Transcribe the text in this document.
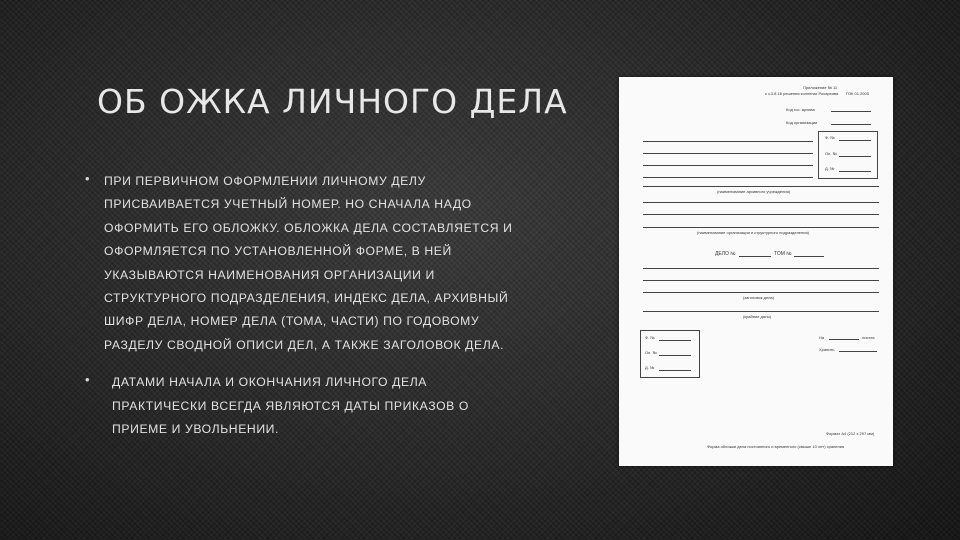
ОБ ОЖКА ЛИЧНОГО ДЕЛА
• ПРИ ПЕРВИЧНОМ ОФОРМЛЕНИИ ЛИЧНОМУ ДЕЛУ ПРИСВАИВАЕТСЯ УЧЕТНЫЙ НОМЕР. НО СНАЧАЛА НАДО ОФОРМИТЬ ЕГО ОБЛОЖКУ. ОБЛОЖКА ДЕЛА СОСТАВЛЯЕТСЯ И ОФОРМЛЯЕТСЯ ПО УСТАНОВЛЕННОЙ ФОРМЕ, В НЕЙ УКАЗЫВАЮТСЯ НАИМЕНОВАНИЯ ОРГАНИЗАЦИИ И СТРУКТУРНОГО ПОДРАЗДЕЛЕНИЯ, ИНДЕКС ДЕЛА, АРХИВНЫЙ ШИФР ДЕЛА, НОМЕР ДЕЛА (ТОМА, ЧАСТИ) ПО ГОДОВОМУ РАЗДЕЛУ СВОДНОЙ ОПИСИ ДЕЛ, А ТАКЖЕ ЗАГОЛОВОК ДЕЛА.
•	ДАТАМИ НАЧАЛА И ОКОНЧАНИЯ ЛИЧНОГО ДЕЛА ПРАКТИЧЕСКИ ВСЕГДА ЯВЛЯЮТСЯ ДАТЫ ПРИКАЗОВ О ПРИЕМЕ И УВОЛЬНЕНИИ.
Приложение № 11
к з.3.8.16 решения коллегии Росархива ГОК 01.2005
Код гос. архива
Код организации
Ф. №
Оп. №
Д. №
(наименование архивного учреждения)
(наименование организации и структурного подразделения)
ДЕЛО №	ТОМ №
(заголовок дела)
(крайние даты)
Ф. №
Оп. №
Д. №
На	листах
Хранить
Формат А4 (212 х 297 мм)
Форма обложки дела постоянного и временного (свыше 10 лет) хранения
